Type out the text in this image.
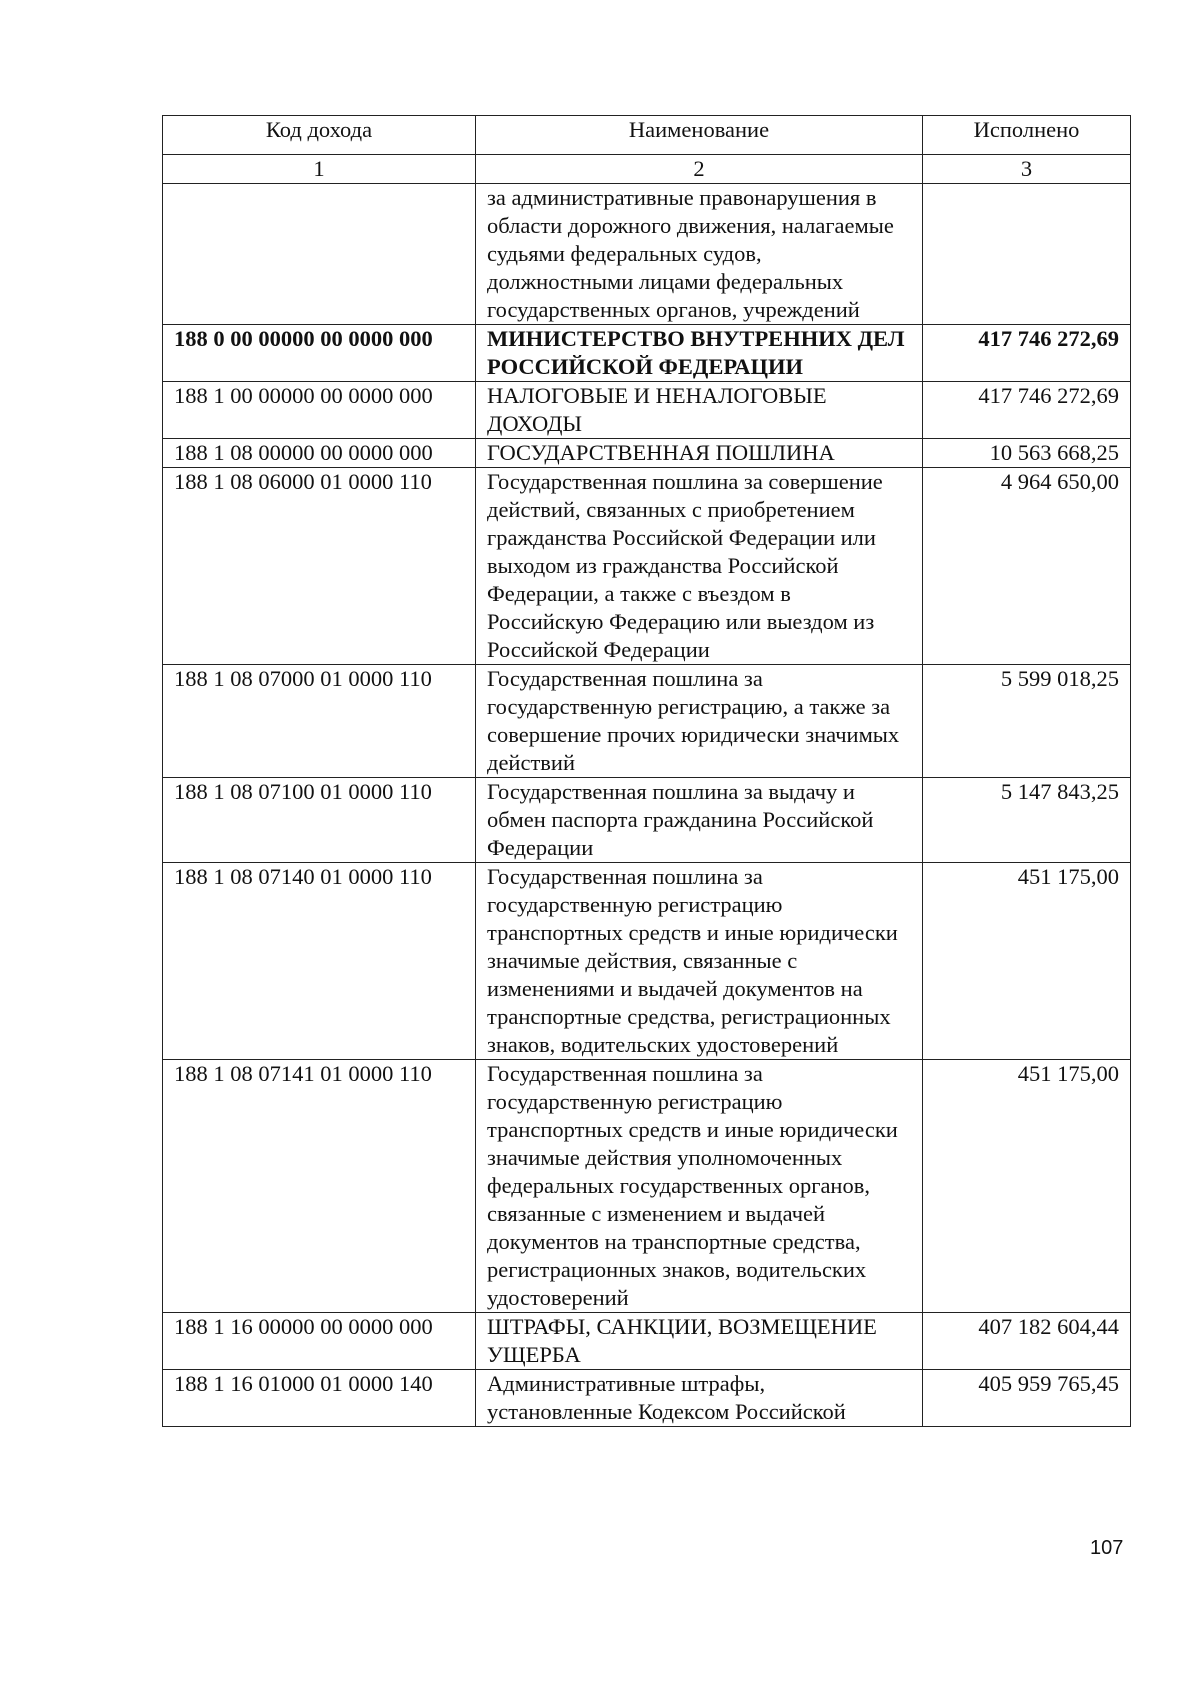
Код дохода	Наименование	Исполнено
1	2	3
	за административные правонарушения в области дорожного движения, налагаемые судьями федеральных судов, должностными лицами федеральных государственных органов, учреждений	
188 0 00 00000 00 0000 000	МИНИСТЕРСТВО ВНУТРЕННИХ ДЕЛ РОССИЙСКОЙ ФЕДЕРАЦИИ	417 746 272,69
188 1 00 00000 00 0000 000	НАЛОГОВЫЕ И НЕНАЛОГОВЫЕ ДОХОДЫ	417 746 272,69
188 1 08 00000 00 0000 000	ГОСУДАРСТВЕННАЯ ПОШЛИНА	10 563 668,25
188 1 08 06000 01 0000 110	Государственная пошлина за совершение действий, связанных с приобретением гражданства Российской Федерации или выходом из гражданства Российской Федерации, а также с въездом в Российскую Федерацию или выездом из Российской Федерации	4 964 650,00
188 1 08 07000 01 0000 110	Государственная пошлина за государственную регистрацию, а также за совершение прочих юридически значимых действий	5 599 018,25
188 1 08 07100 01 0000 110	Государственная пошлина за выдачу и обмен паспорта гражданина Российской Федерации	5 147 843,25
188 1 08 07140 01 0000 110	Государственная пошлина за государственную регистрацию транспортных средств и иные юридически значимые действия, связанные с изменениями и выдачей документов на транспортные средства, регистрационных знаков, водительских удостоверений	451 175,00
188 1 08 07141 01 0000 110	Государственная пошлина за государственную регистрацию транспортных средств и иные юридически значимые действия уполномоченных федеральных государственных органов, связанные с изменением и выдачей документов на транспортные средства, регистрационных знаков, водительских удостоверений	451 175,00
188 1 16 00000 00 0000 000	ШТРАФЫ, САНКЦИИ, ВОЗМЕЩЕНИЕ УЩЕРБА	407 182 604,44
188 1 16 01000 01 0000 140	Административные штрафы, установленные Кодексом Российской	405 959 765,45
107
